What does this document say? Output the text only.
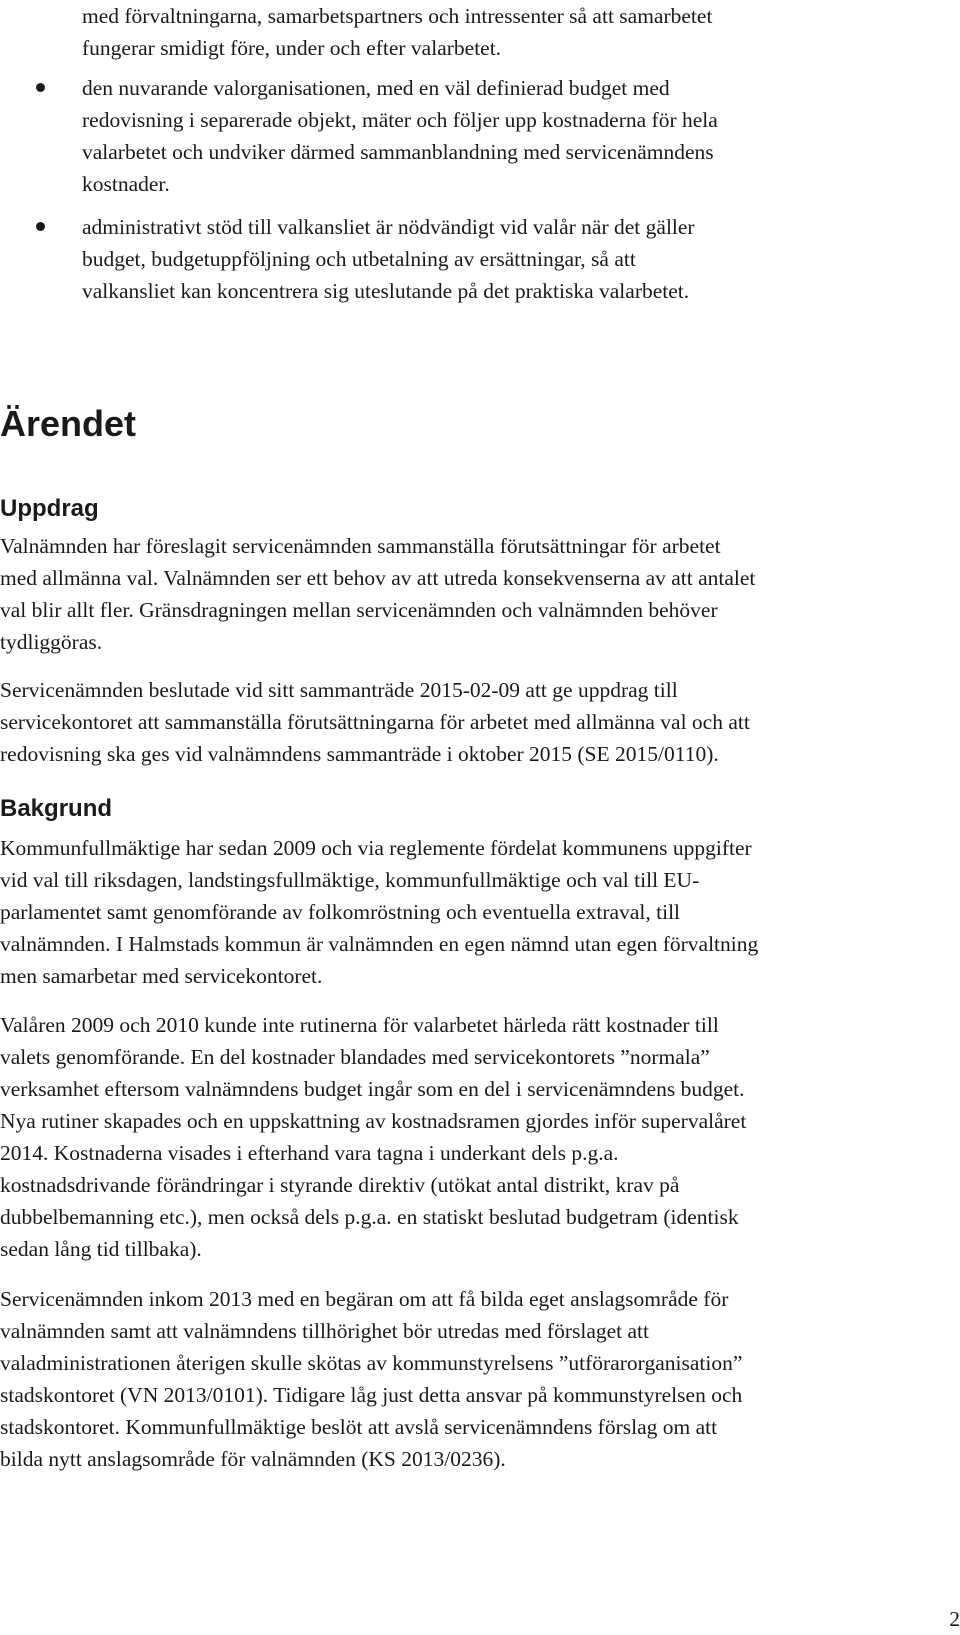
med förvaltningarna, samarbetspartners och intressenter så att samarbetet
fungerar smidigt före, under och efter valarbetet.

den nuvarande valorganisationen, med en väl definierad budget med
redovisning i separerade objekt, mäter och följer upp kostnaderna för hela
valarbetet och undviker därmed sammanblandning med servicenämndens
kostnader.

administrativt stöd till valkansliet är nödvändigt vid valår när det gäller
budget, budgetuppföljning och utbetalning av ersättningar, så att
valkansliet kan koncentrera sig uteslutande på det praktiska valarbetet.

Ärendet
Uppdrag

Valnämnden har föreslagit servicenämnden sammanställa förutsättningar för arbetet
med allmänna val. Valnämnden ser ett behov av att utreda konsekvenserna av att antalet
val blir allt fler. Gränsdragningen mellan servicenämnden och valnämnden behöver
tydliggöras.

Servicenämnden beslutade vid sitt sammanträde 2015-02-09 att ge uppdrag till
servicekontoret att sammanställa förutsättningarna för arbetet med allmänna val och att
redovisning ska ges vid valnämndens sammanträde i oktober 2015 (SE 2015/0110).

Bakgrund

Kommunfullmäktige har sedan 2009 och via reglemente fördelat kommunens uppgifter
vid val till riksdagen, landstingsfullmäktige, kommunfullmäktige och val till EU-
parlamentet samt genomförande av folkomröstning och eventuella extraval, till
valnämnden. I Halmstads kommun är valnämnden en egen nämnd utan egen förvaltning
men samarbetar med servicekontoret.

Valåren 2009 och 2010 kunde inte rutinerna för valarbetet härleda rätt kostnader till
valets genomförande. En del kostnader blandades med servicekontorets ”normala”
verksamhet eftersom valnämndens budget ingår som en del i servicenämndens budget.
Nya rutiner skapades och en uppskattning av kostnadsramen gjordes inför supervalåret
2014. Kostnaderna visades i efterhand vara tagna i underkant dels p.g.a.
kostnadsdrivande förändringar i styrande direktiv (utökat antal distrikt, krav på
dubbelbemanning etc.), men också dels p.g.a. en statiskt beslutad budgetram (identisk
sedan lång tid tillbaka).

Servicenämnden inkom 2013 med en begäran om att få bilda eget anslagsområde för
valnämnden samt att valnämndens tillhörighet bör utredas med förslaget att
valadministrationen återigen skulle skötas av kommunstyrelsens ”utförarorganisation”
stadskontoret (VN 2013/0101). Tidigare låg just detta ansvar på kommunstyrelsen och
stadskontoret. Kommunfullmäktige beslöt att avslå servicenämndens förslag om att
bilda nytt anslagsområde för valnämnden (KS 2013/0236).

2
